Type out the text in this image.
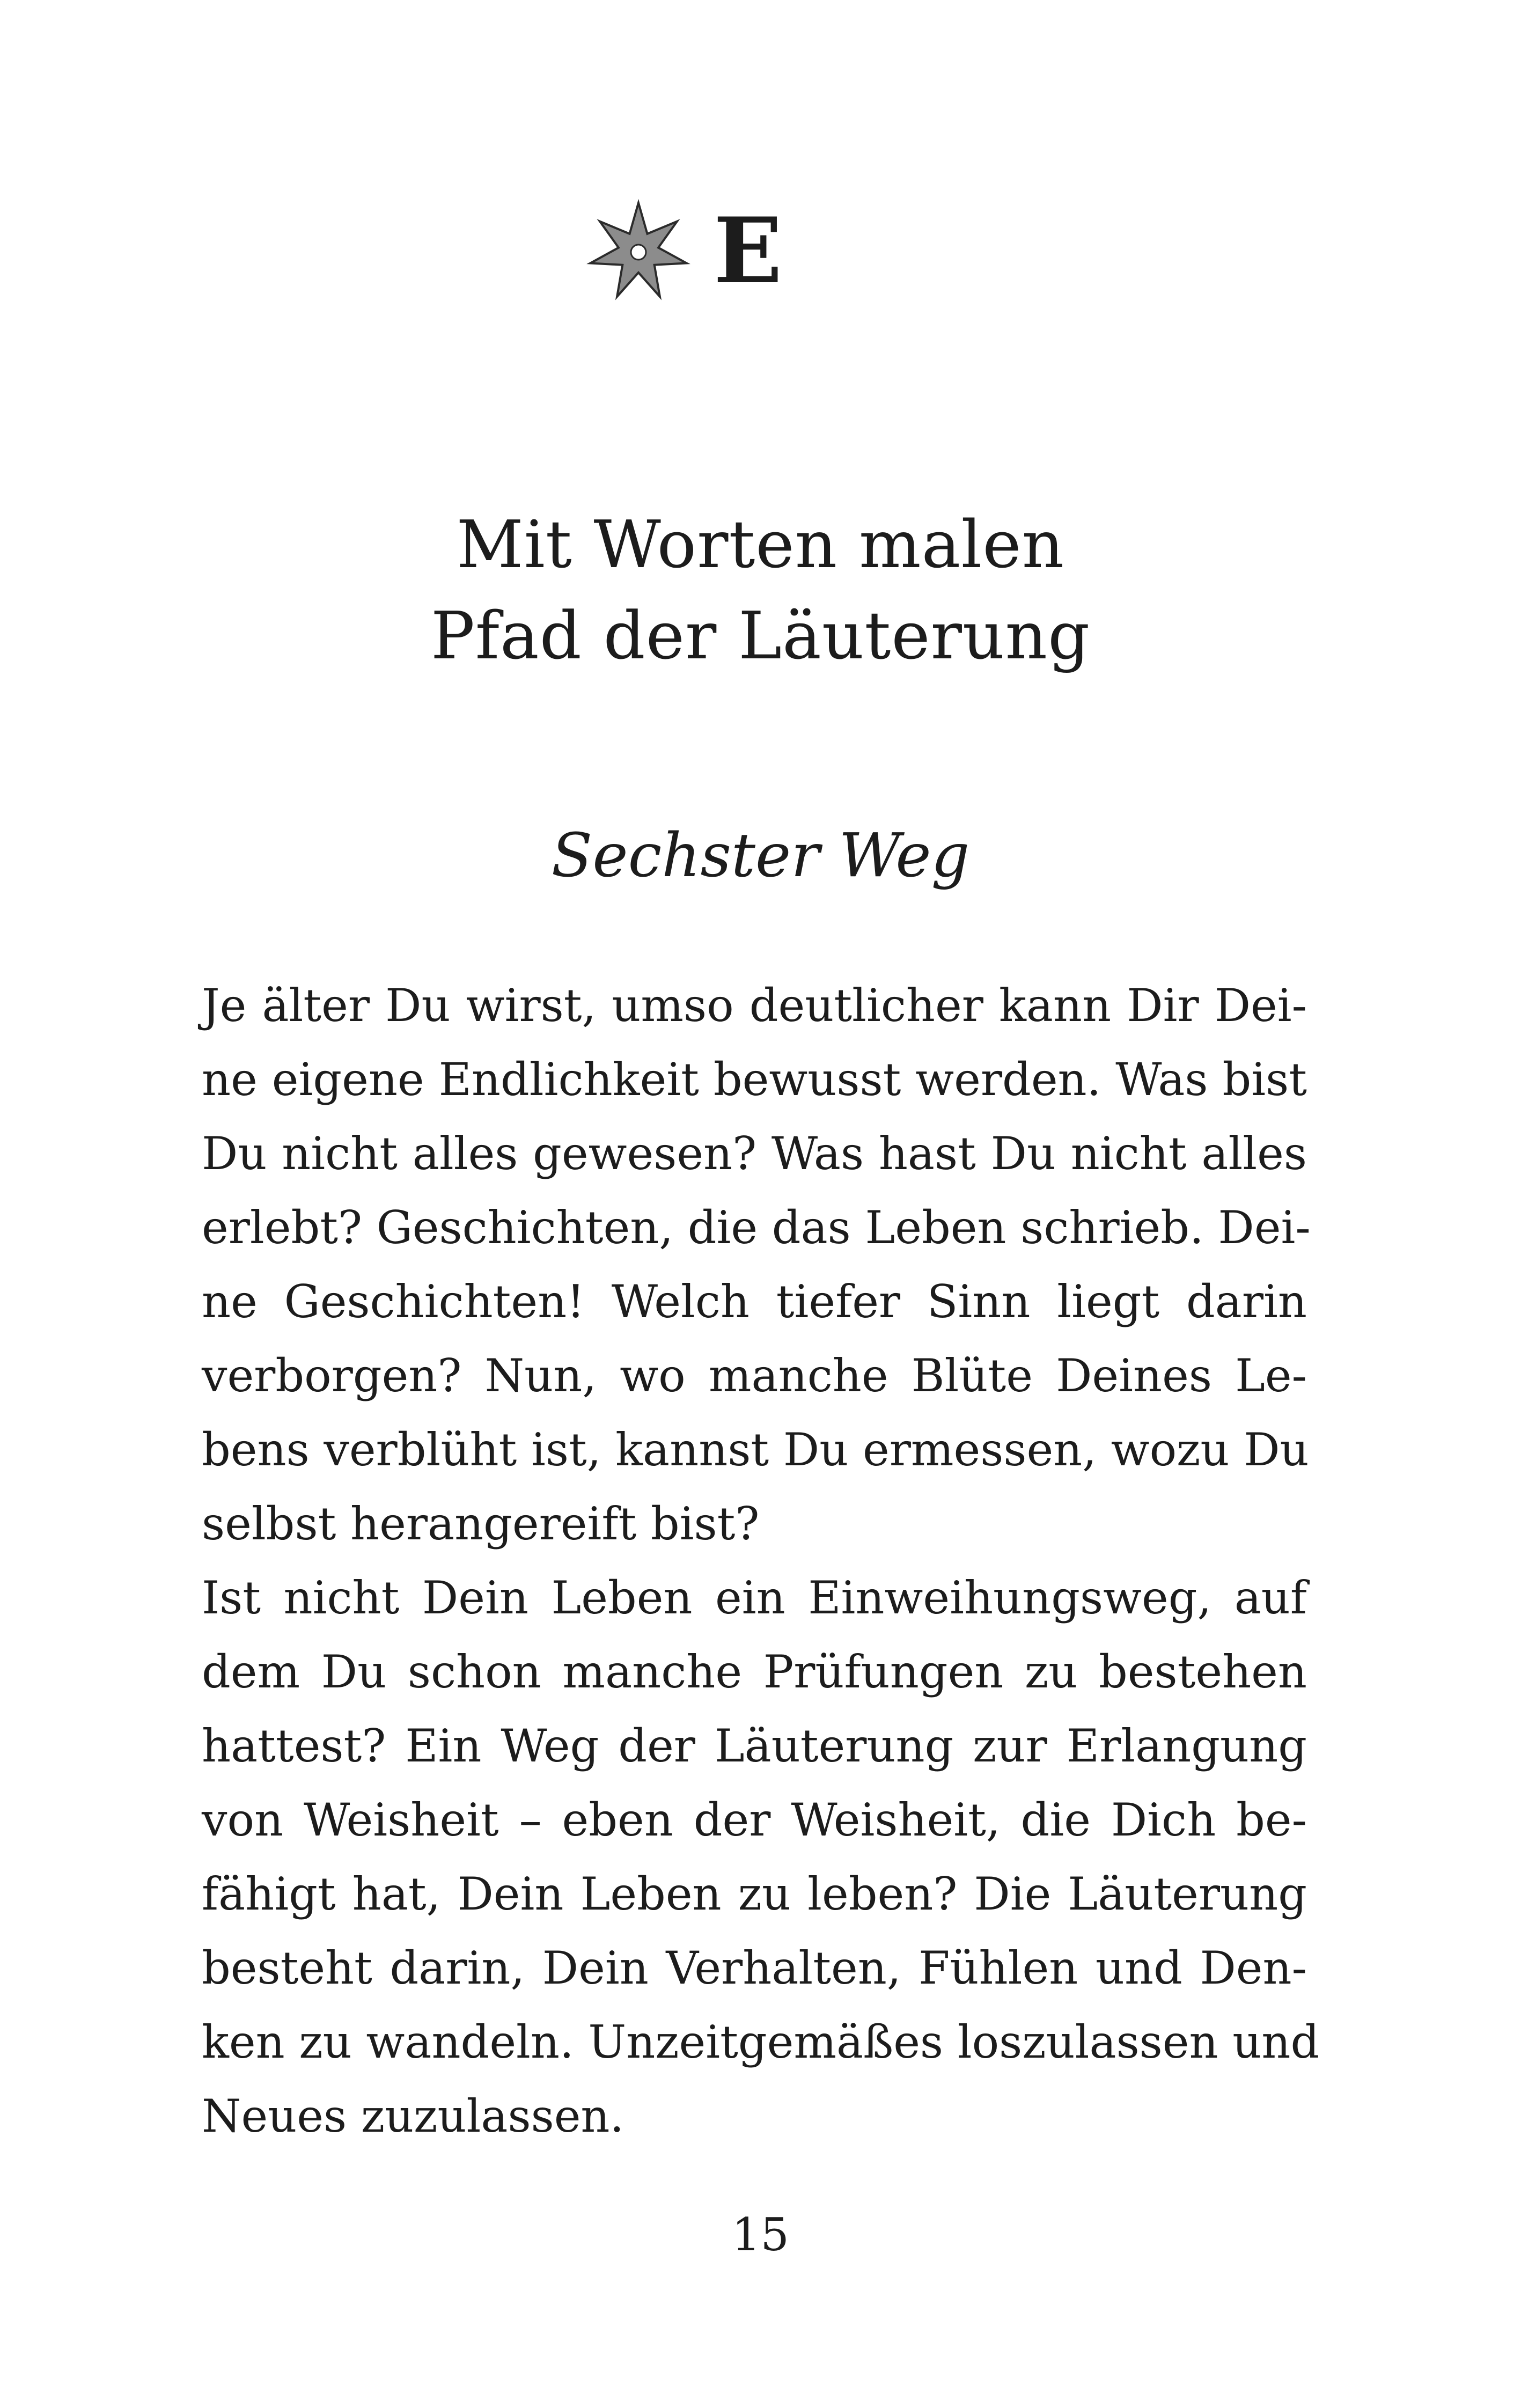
E
Mit Worten malen
Pfad der Läuterung
Sechster Weg
Je älter Du wirst, umso deutlicher kann Dir Dei-
ne eigene Endlichkeit bewusst werden. Was bist
Du nicht alles gewesen? Was hast Du nicht alles
erlebt? Geschichten, die das Leben schrieb. Dei-
ne Geschichten! Welch tiefer Sinn liegt darin
verborgen? Nun, wo manche Blüte Deines Le-
bens verblüht ist, kannst Du ermessen, wozu Du
selbst herangereift bist?
Ist nicht Dein Leben ein Einweihungsweg, auf
dem Du schon manche Prüfungen zu bestehen
hattest? Ein Weg der Läuterung zur Erlangung
von Weisheit – eben der Weisheit, die Dich be-
fähigt hat, Dein Leben zu leben? Die Läuterung
besteht darin, Dein Verhalten, Fühlen und Den-
ken zu wandeln. Unzeitgemäßes loszulassen und
Neues zuzulassen.
15
